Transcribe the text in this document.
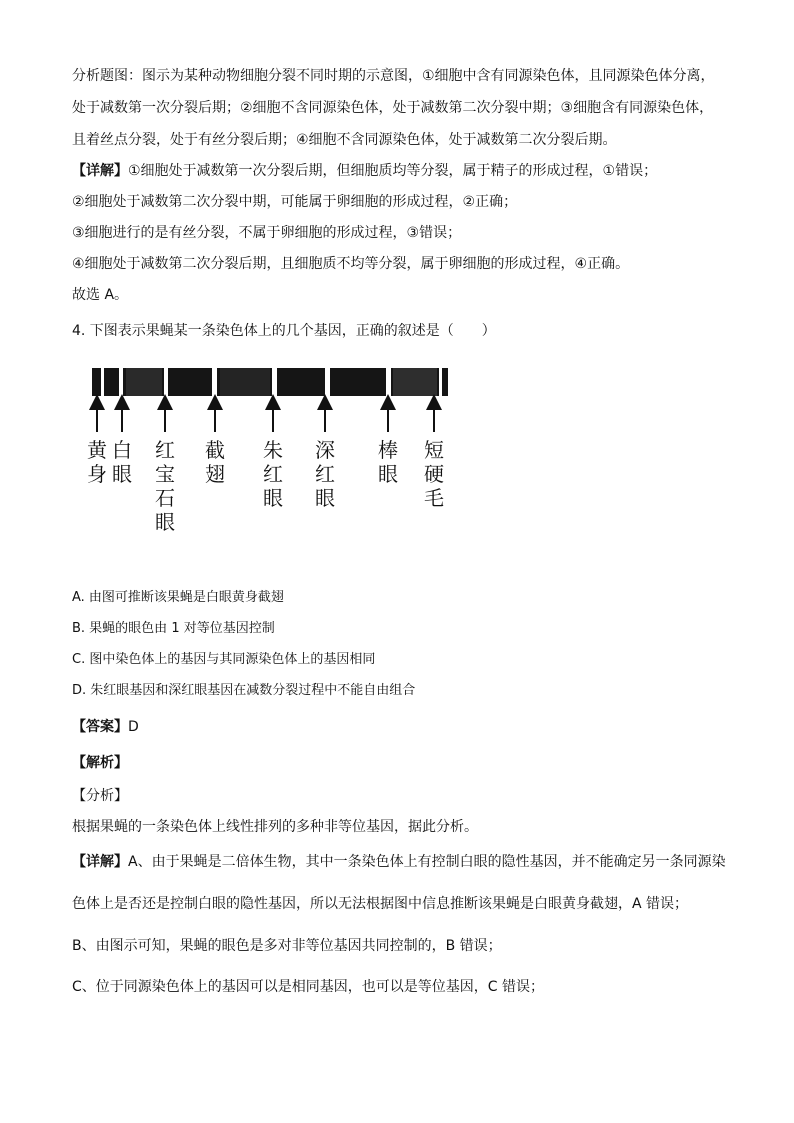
分析题图：图示为某种动物细胞分裂不同时期的示意图，①细胞中含有同源染色体，且同源染色体分离，
处于减数第一次分裂后期；②细胞不含同源染色体，处于减数第二次分裂中期；③细胞含有同源染色体，
且着丝点分裂，处于有丝分裂后期；④细胞不含同源染色体，处于减数第二次分裂后期。
【详解】①细胞处于减数第一次分裂后期，但细胞质均等分裂，属于精子的形成过程，①错误；
②细胞处于减数第二次分裂中期，可能属于卵细胞的形成过程，②正确；
③细胞进行的是有丝分裂，不属于卵细胞的形成过程，③错误；
④细胞处于减数第二次分裂后期，且细胞质不均等分裂，属于卵细胞的形成过程，④正确。
故选 A。
4. 下图表示果蝇某一条染色体上的几个基因，正确的叙述是（　　）
黄
身
白
眼
红
宝
石
眼
截
翅
朱
红
眼
深
红
眼
棒
眼
短
硬
毛
A. 由图可推断该果蝇是白眼黄身截翅
B. 果蝇的眼色由 1 对等位基因控制
C. 图中染色体上的基因与其同源染色体上的基因相同
D. 朱红眼基因和深红眼基因在减数分裂过程中不能自由组合
【答案】D
【解析】
【分析】
根据果蝇的一条染色体上线性排列的多种非等位基因，据此分析。
【详解】A、由于果蝇是二倍体生物，其中一条染色体上有控制白眼的隐性基因，并不能确定另一条同源染
色体上是否还是控制白眼的隐性基因，所以无法根据图中信息推断该果蝇是白眼黄身截翅，A 错误；
B、由图示可知，果蝇的眼色是多对非等位基因共同控制的，B 错误；
C、位于同源染色体上的基因可以是相同基因，也可以是等位基因，C 错误；
